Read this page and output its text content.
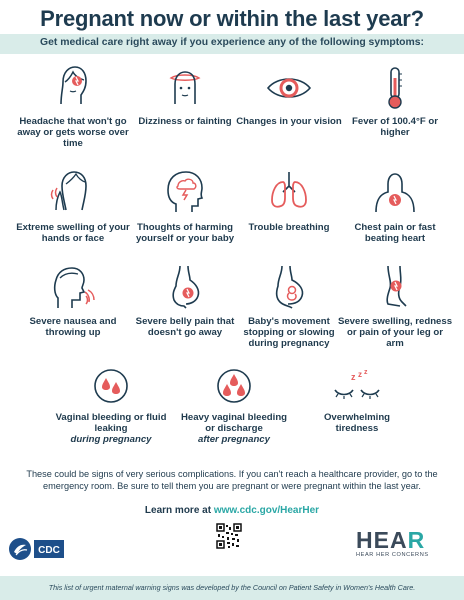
Pregnant now or within the last year?
Get medical care right away if you experience any of the following symptoms:
Headache that won't go away or gets worse over time
Dizziness or fainting Changes in your vision	Fever of 100.4°F or higher
Extreme swelling of your hands or face
Thoughts of harming yourself or your baby
Trouble breathing	Chest pain or fast beating heart
Severe nausea and throwing up
Severe belly pain that doesn't go away
Baby's movement stopping or slowing during pregnancy
Severe swelling, redness or pain of your leg or arm
Vaginal bleeding or fluid leaking
during pregnancy
Heavy vaginal bleeding or discharge
after pregnancy
z z z
Overwhelming tiredness
These could be signs of very serious complications. If you can't reach a healthcare provider, go to the emergency room. Be sure to tell them you are pregnant or were pregnant within the last year.
Learn more at www.cdc.gov/HearHer
CDC	HEAR
HEAR HER CONCERNS
This list of urgent maternal warning signs was developed by the Council on Patient Safety in Women's Health Care.
